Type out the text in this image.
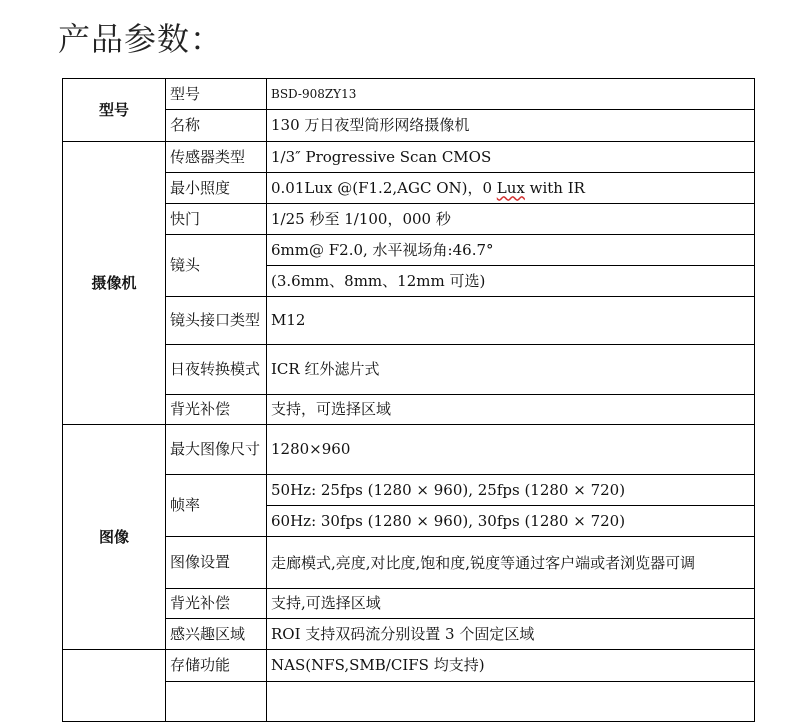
产品参数：
型号	型号	BSD-908ZY13
	名称	130 万日夜型筒形网络摄像机
摄像机	传感器类型	1/3″ Progressive Scan CMOS
	最小照度	0.01Lux @(F1.2,AGC ON)，0 Lux with IR
	快门	1/25 秒至 1/100，000 秒
	镜头	6mm@ F2.0, 水平视场角:46.7°
		(3.6mm、8mm、12mm 可选)
	镜头接口类型	M12
	日夜转换模式	ICR 红外滤片式
	背光补偿	支持，可选择区域
图像	最大图像尺寸	1280×960
	帧率	50Hz: 25fps (1280 × 960), 25fps (1280 × 720)
		60Hz: 30fps (1280 × 960), 30fps (1280 × 720)
	图像设置	走廊模式,亮度,对比度,饱和度,锐度等通过客户端或者浏览器可调
	背光补偿	支持,可选择区域
	感兴趣区域	ROI 支持双码流分别设置 3 个固定区域
	存储功能	NAS(NFS,SMB/CIFS 均支持)
